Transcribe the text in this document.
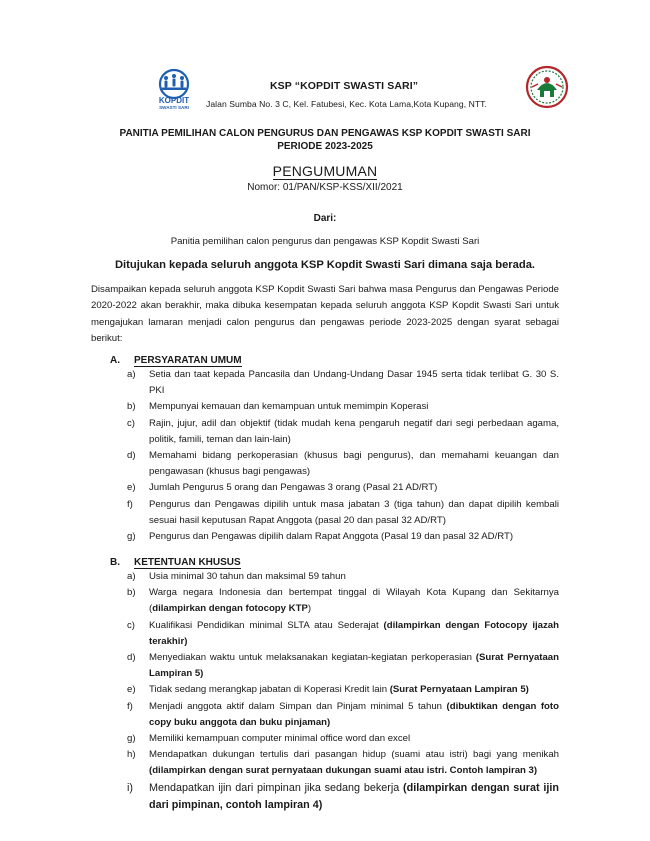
KOPDIT
SWASTI SARI
KSP “KOPDIT SWASTI SARI”
Jalan Sumba No. 3 C, Kel. Fatubesi, Kec. Kota Lama,Kota Kupang, NTT.
PANITIA PEMILIHAN CALON PENGURUS DAN PENGAWAS KSP KOPDIT SWASTI SARI
PERIODE 2023-2025
PENGUMUMAN
Nomor: 01/PAN/KSP-KSS/XII/2021
Dari:
Panitia pemilihan calon pengurus dan pengawas KSP Kopdit Swasti Sari
Ditujukan kepada seluruh anggota KSP Kopdit Swasti Sari dimana saja berada.

Disampaikan kepada seluruh anggota KSP Kopdit Swasti Sari bahwa masa Pengurus dan Pengawas Periode 2020-2022 akan berakhir, maka dibuka kesempatan kepada seluruh anggota KSP Kopdit Swasti Sari untuk mengajukan lamaran menjadi calon pengurus dan pengawas periode 2023-2025 dengan syarat sebagai berikut:

A. PERSYARATAN UMUM
a) Setia dan taat kepada Pancasila dan Undang-Undang Dasar 1945 serta tidak terlibat G. 30 S. PKI
b) Mempunyai kemauan dan kemampuan untuk memimpin Koperasi
c) Rajin, jujur, adil dan objektif (tidak mudah kena pengaruh negatif dari segi perbedaan agama, politik, famili, teman dan lain-lain)
d) Memahami bidang perkoperasian (khusus bagi pengurus), dan memahami keuangan dan pengawasan (khusus bagi pengawas)
e) Jumlah Pengurus 5 orang dan Pengawas 3 orang (Pasal 21 AD/RT)
f) Pengurus dan Pengawas dipilih untuk masa jabatan 3 (tiga tahun) dan dapat dipilih kembali sesuai hasil keputusan Rapat Anggota (pasal 20 dan pasal 32 AD/RT)
g) Pengurus dan Pengawas dipilih dalam Rapat Anggota (Pasal 19 dan pasal 32 AD/RT)
B. KETENTUAN KHUSUS
a) Usia minimal 30 tahun dan maksimal 59 tahun
b) Warga negara Indonesia dan bertempat tinggal di Wilayah Kota Kupang dan Sekitarnya (dilampirkan dengan fotocopy KTP)
c) Kualifikasi Pendidikan minimal SLTA atau Sederajat (dilampirkan dengan Fotocopy ijazah terakhir)
d) Menyediakan waktu untuk melaksanakan kegiatan-kegiatan perkoperasian (Surat Pernyataan Lampiran 5)
e) Tidak sedang merangkap jabatan di Koperasi Kredit lain (Surat Pernyataan Lampiran 5)
f) Menjadi anggota aktif dalam Simpan dan Pinjam minimal 5 tahun (dibuktikan dengan foto copy buku anggota dan buku pinjaman)
g) Memiliki kemampuan computer minimal office word dan excel
h) Mendapatkan dukungan tertulis dari pasangan hidup (suami atau istri) bagi yang menikah (dilampirkan dengan surat pernyataan dukungan suami atau istri. Contoh lampiran 3)
i) Mendapatkan ijin dari pimpinan jika sedang bekerja (dilampirkan dengan surat ijin dari pimpinan, contoh lampiran 4)
